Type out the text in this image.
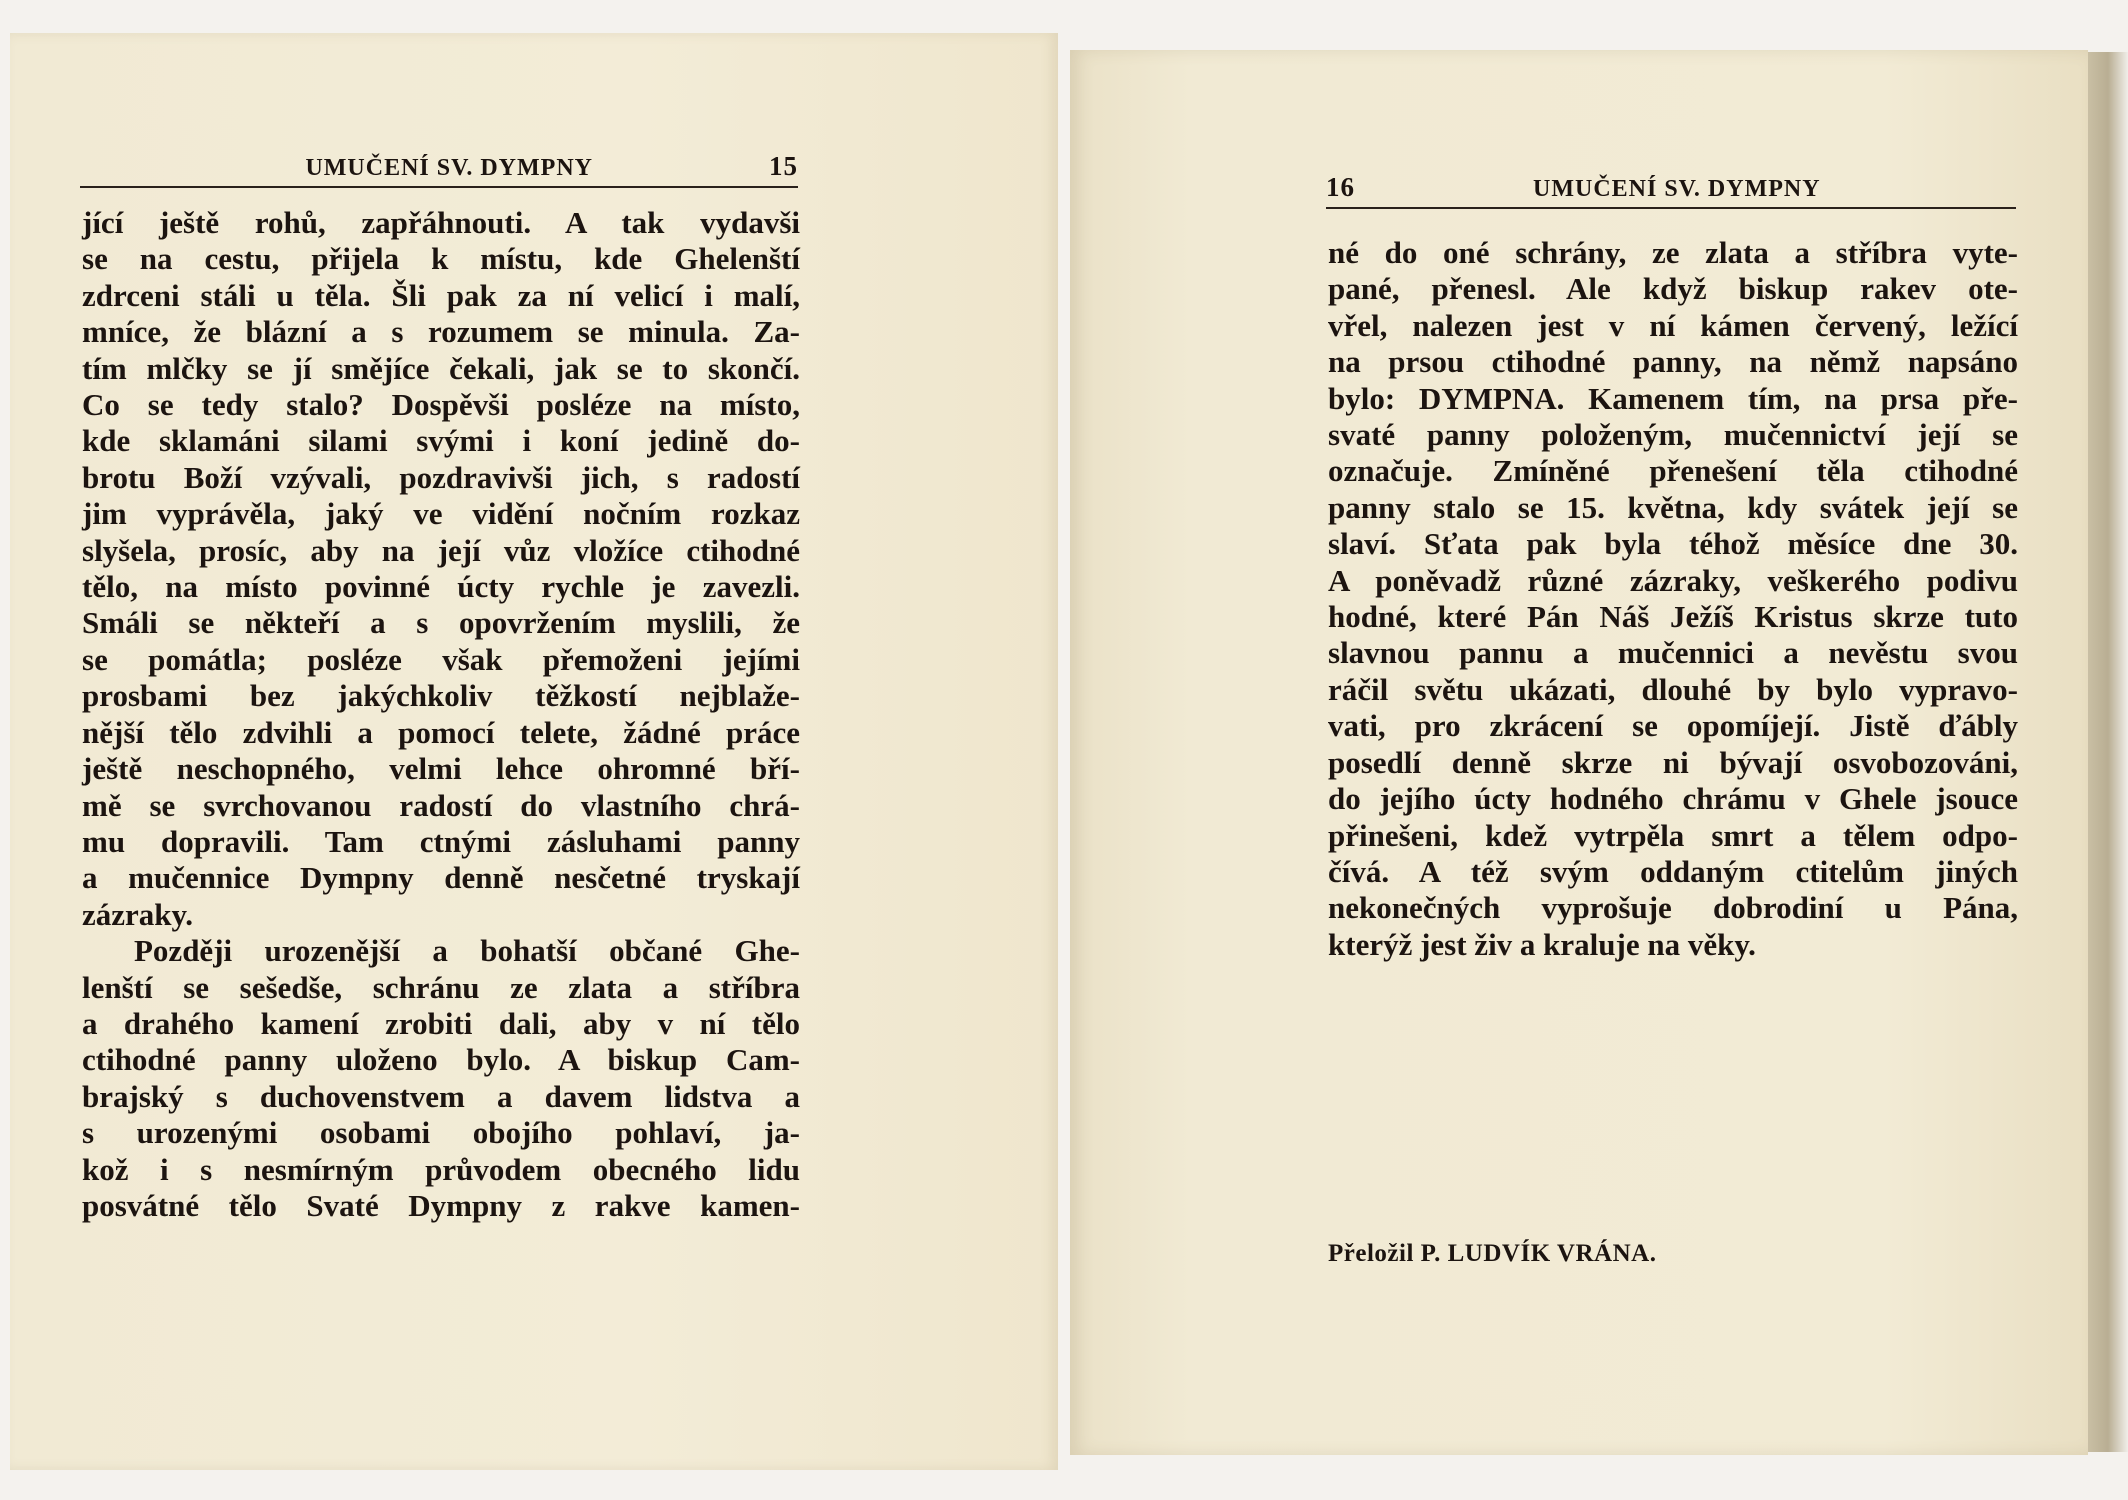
UMUČENÍ SV. DYMPNY	15
jící ještě rohů, zapřáhnouti. A tak vydavši
se na cestu, přijela k místu, kde Ghelenští
zdrceni stáli u těla. Šli pak za ní velicí i malí,
mníce, že blázní a s rozumem se minula. Za-
tím mlčky se jí smějíce čekali, jak se to skončí.
Co se tedy stalo? Dospěvši posléze na místo,
kde sklamáni silami svými i koní jedině do-
brotu Boží vzývali, pozdravivši jich, s radostí
jim vyprávěla, jaký ve vidění nočním rozkaz
slyšela, prosíc, aby na její vůz vložíce ctihodné
tělo, na místo povinné úcty rychle je zavezli.
Smáli se někteří a s opovržením myslili, že
se pomátla; posléze však přemoženi jejími
prosbami bez jakýchkoliv těžkostí nejblaže-
nější tělo zdvihli a pomocí telete, žádné práce
ještě neschopného, velmi lehce ohromné bří-
mě se svrchovanou radostí do vlastního chrá-
mu dopravili. Tam ctnými zásluhami panny
a mučennice Dympny denně nesčetné tryskají
zázraky.
Později urozenější a bohatší občané Ghe-
lenští se sešedše, schránu ze zlata a stříbra
a drahého kamení zrobiti dali, aby v ní tělo
ctihodné panny uloženo bylo. A biskup Cam-
brajský s duchovenstvem a davem lidstva a
s urozenými osobami obojího pohlaví, ja-
kož i s nesmírným průvodem obecného lidu
posvátné tělo Svaté Dympny z rakve kamen-
16	UMUČENÍ SV. DYMPNY
né do oné schrány, ze zlata a stříbra vyte-
pané, přenesl. Ale když biskup rakev ote-
vřel, nalezen jest v ní kámen červený, ležící
na prsou ctihodné panny, na němž napsáno
bylo: DYMPNA. Kamenem tím, na prsa pře-
svaté panny položeným, mučennictví její se
označuje. Zmíněné přenešení těla ctihodné
panny stalo se 15. května, kdy svátek její se
slaví. Sťata pak byla téhož měsíce dne 30.
A poněvadž různé zázraky, veškerého podivu
hodné, které Pán Náš Ježíš Kristus skrze tuto
slavnou pannu a mučennici a nevěstu svou
ráčil světu ukázati, dlouhé by bylo vypravo-
vati, pro zkrácení se opomíjejí. Jistě ďábly
posedlí denně skrze ni bývají osvobozováni,
do jejího úcty hodného chrámu v Ghele jsouce
přinešeni, kdež vytrpěla smrt a tělem odpo-
čívá. A též svým oddaným ctitelům jiných
nekonečných vyprošuje dobrodiní u Pána,
kterýž jest živ a kraluje na věky.
Přeložil P. LUDVÍK VRÁNA.
